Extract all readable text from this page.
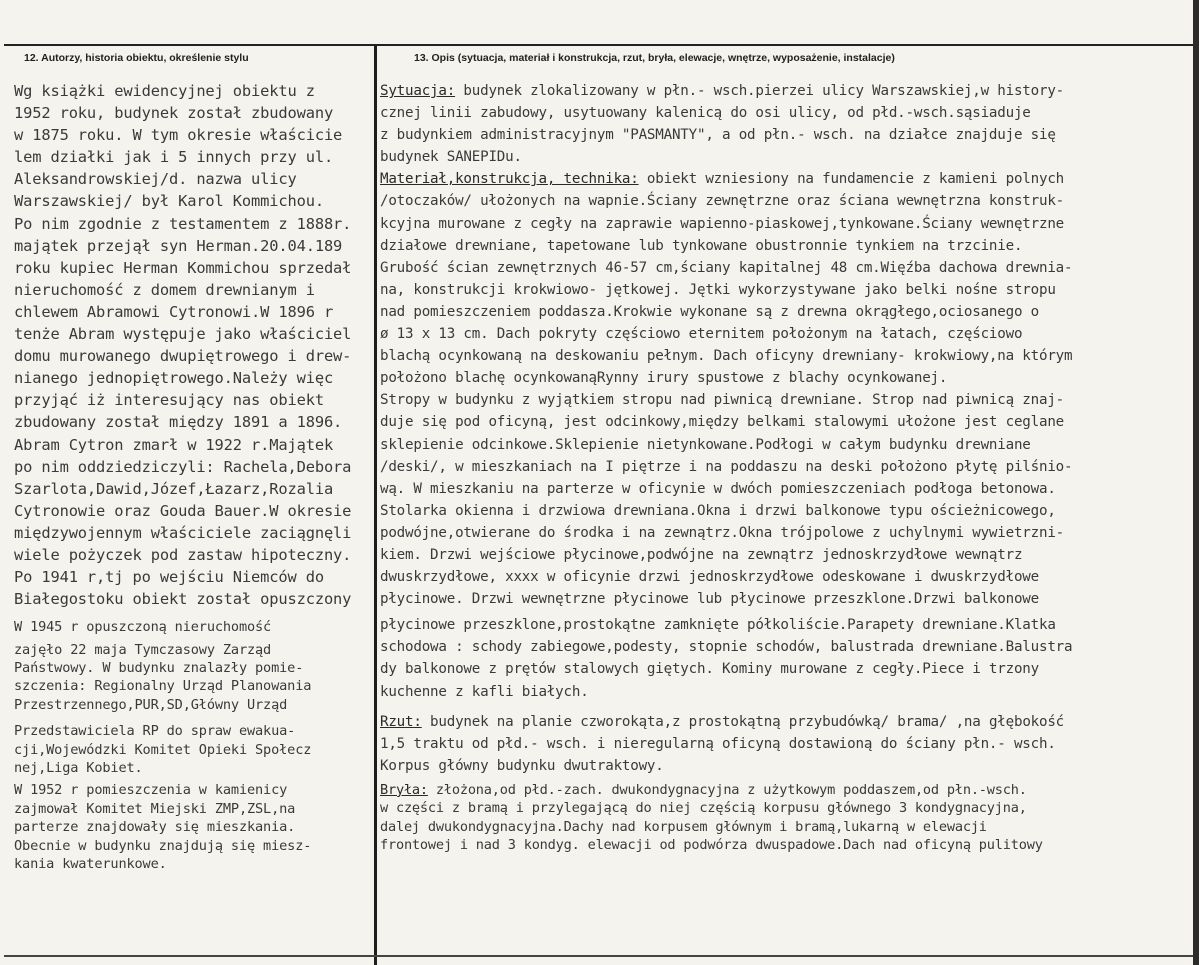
12. Autorzy, historia obiektu, określenie stylu	13. Opis (sytuacja, materiał i konstrukcja, rzut, bryła, elewacje, wnętrze, wyposażenie, instalacje)
Wg książki ewidencyjnej obiektu z
1952 roku, budynek został zbudowany
w 1875 roku. W tym okresie właścicie
lem działki jak i 5 innych przy ul.
Aleksandrowskiej/d. nazwa ulicy
Warszawskiej/ był Karol Kommichou.
Po nim zgodnie z testamentem z 1888r.
majątek przejął syn Herman.20.04.189
roku kupiec Herman Kommichou sprzedał
nieruchomość z domem drewnianym i
chlewem Abramowi Cytronowi.W 1896 r
tenże Abram występuje jako właściciel
domu murowanego dwupiętrowego i drew-
nianego jednopiętrowego.Należy więc
przyjąć iż interesujący nas obiekt
zbudowany został między 1891 a 1896.
Abram Cytron zmarł w 1922 r.Majątek
po nim oddziedziczyli: Rachela,Debora
Szarlota,Dawid,Józef,Łazarz,Rozalia
Cytronowie oraz Gouda Bauer.W okresie
międzywojennym właściciele zaciągnęli
wiele pożyczek pod zastaw hipoteczny.
Po 1941 r,tj po wejściu Niemców do
Białegostoku obiekt został opuszczony
W 1945 r opuszczoną nieruchomość
zajęło 22 maja Tymczasowy Zarząd
Państwowy. W budynku znalazły pomie-
szczenia: Regionalny Urząd Planowania
Przestrzennego,PUR,SD,Główny Urząd
Przedstawiciela RP do spraw ewakua-
cji,Wojewódzki Komitet Opieki Społecz
nej,Liga Kobiet.
W 1952 r pomieszczenia w kamienicy
zajmował Komitet Miejski ZMP,ZSL,na
parterze znajdowały się mieszkania.
Obecnie w budynku znajdują się miesz-
kania kwaterunkowe.
Sytuacja: budynek zlokalizowany w płn.- wsch.pierzei ulicy Warszawskiej,w history-
cznej linii zabudowy, usytuowany kalenicą do osi ulicy, od płd.-wsch.sąsiaduje
z budynkiem administracyjnym "PASMANTY", a od płn.- wsch. na działce znajduje się
budynek SANEPIDu.
Materiał,konstrukcja, technika: obiekt wzniesiony na fundamencie z kamieni polnych
/otoczaków/ ułożonych na wapnie.Ściany zewnętrzne oraz ściana wewnętrzna konstruk-
kcyjna murowane z cegły na zaprawie wapienno-piaskowej,tynkowane.Ściany wewnętrzne
działowe drewniane, tapetowane lub tynkowane obustronnie tynkiem na trzcinie.
Grubość ścian zewnętrznych 46-57 cm,ściany kapitalnej 48 cm.Więźba dachowa drewnia-
na, konstrukcji krokwiowo- jętkowej. Jętki wykorzystywane jako belki nośne stropu
nad pomieszczeniem poddasza.Krokwie wykonane są z drewna okrągłego,ociosanego o
ø 13 x 13 cm. Dach pokryty częściowo eternitem położonym na łatach, częściowo
blachą ocynkowaną na deskowaniu pełnym. Dach oficyny drewniany- krokwiowy,na którym
położono blachę ocynkowanąRynny irury spustowe z blachy ocynkowanej.
Stropy w budynku z wyjątkiem stropu nad piwnicą drewniane. Strop nad piwnicą znaj-
duje się pod oficyną, jest odcinkowy,między belkami stalowymi ułożone jest ceglane
sklepienie odcinkowe.Sklepienie nietynkowane.Podłogi w całym budynku drewniane
/deski/, w mieszkaniach na I piętrze i na poddaszu na deski położono płytę pilśnio-
wą. W mieszkaniu na parterze w oficynie w dwóch pomieszczeniach podłoga betonowa.
Stolarka okienna i drzwiowa drewniana.Okna i drzwi balkonowe typu ościeżnicowego,
podwójne,otwierane do środka i na zewnątrz.Okna trójpolowe z uchylnymi wywietrzni-
kiem. Drzwi wejściowe płycinowe,podwójne na zewnątrz jednoskrzydłowe wewnątrz
dwuskrzydłowe, xxxx w oficynie drzwi jednoskrzydłowe odeskowane i dwuskrzydłowe
płycinowe. Drzwi wewnętrzne płycinowe lub płycinowe przeszklone.Drzwi balkonowe
płycinowe przeszklone,prostokątne zamknięte półkoliście.Parapety drewniane.Klatka
schodowa : schody zabiegowe,podesty, stopnie schodów, balustrada drewniane.Balustra
dy balkonowe z prętów stalowych giętych. Kominy murowane z cegły.Piece i trzony
kuchenne z kafli białych.
Rzut: budynek na planie czworokąta,z prostokątną przybudówką/ brama/ ,na głębokość
1,5 traktu od płd.- wsch. i nieregularną oficyną dostawioną do ściany płn.- wsch.
Korpus główny budynku dwutraktowy.
Bryła: złożona,od płd.-zach. dwukondygnacyjna z użytkowym poddaszem,od płn.-wsch.
w części z bramą i przylegającą do niej częścią korpusu głównego 3 kondygnacyjna,
dalej dwukondygnacyjna.Dachy nad korpusem głównym i bramą,lukarną w elewacji
frontowej i nad 3 kondyg. elewacji od podwórza dwuspadowe.Dach nad oficyną pulitowy
